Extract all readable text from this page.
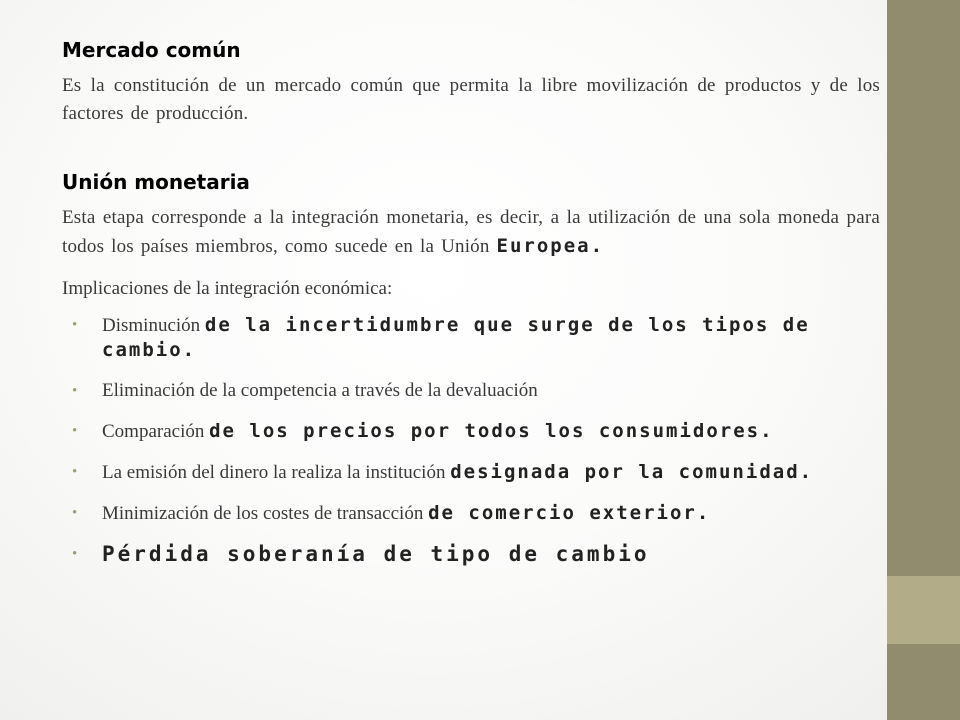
Mercado común

Es la constitución de un mercado común que permita la libre movilización de productos y de los factores de producción.

Unión monetaria

Esta etapa corresponde a la integración monetaria, es decir, a la utilización de una sola moneda para todos los países miembros, como sucede en la Unión Europea.

Implicaciones de la integración económica:

• Disminución de la incertidumbre que surge de los tipos de cambio.
• Eliminación de la competencia a través de la devaluación
• Comparación de los precios por todos los consumidores.
• La emisión del dinero la realiza la institución designada por la comunidad.
• Minimización de los costes de transacción de comercio exterior.
• Pérdida soberanía de tipo de cambio
